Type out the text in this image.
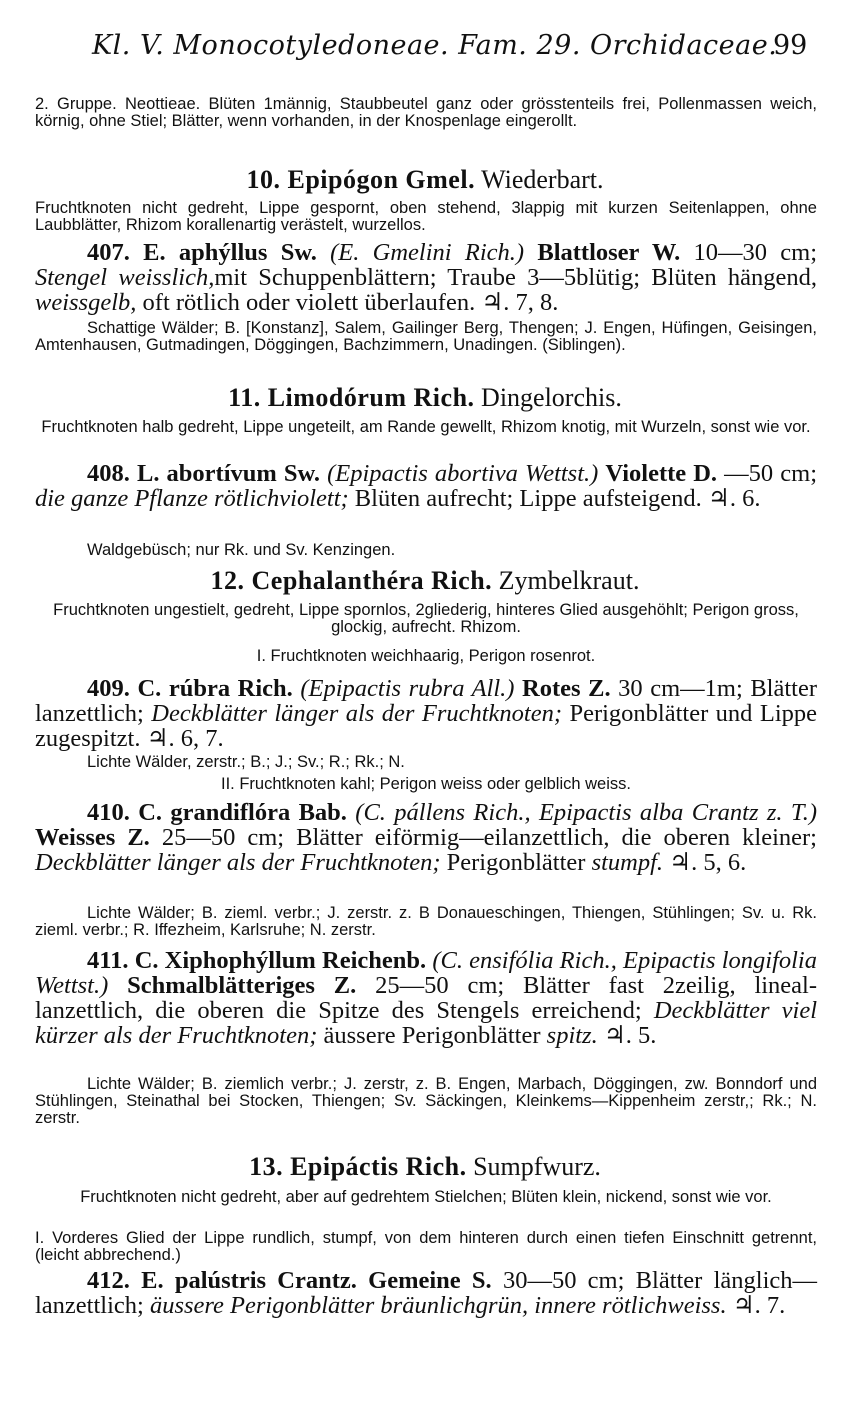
Kl. V. Monocotyledoneae. Fam. 29. Orchidaceae.
99

2. Gruppe. Neottieae. Blüten 1männig, Staubbeutel ganz oder grösstenteils frei, Pollenmassen weich, körnig, ohne Stiel; Blätter, wenn vorhanden, in der Knospenlage eingerollt.

10. Epipógon Gmel. Wiederbart.

Fruchtknoten nicht gedreht, Lippe gespornt, oben stehend, 3lappig mit kurzen Seitenlappen, ohne Laubblätter, Rhizom korallenartig verästelt, wurzellos.

407. E. aphýllus Sw. (E. Gmelini Rich.) Blattloser W. 10—30 cm; Stengel weisslich,mit Schuppenblättern; Traube 3—5blütig; Blüten hängend, weissgelb, oft rötlich oder violett überlaufen. ♃. 7, 8.

Schattige Wälder; B. [Konstanz], Salem, Gailinger Berg, Thengen; J. Engen, Hüfingen, Geisingen, Amtenhausen, Gutmadingen, Döggingen, Bachzimmern, Unadingen. (Siblingen).

11. Limodórum Rich. Dingelorchis.

Fruchtknoten halb gedreht, Lippe ungeteilt, am Rande gewellt, Rhizom knotig, mit Wurzeln, sonst wie vor.

408. L. abortívum Sw. (Epipactis abortiva Wettst.) Violette D. —50 cm; die ganze Pflanze rötlichviolett; Blüten aufrecht; Lippe aufsteigend. ♃. 6.

Waldgebüsch; nur Rk. und Sv. Kenzingen.

12. Cephalanthéra Rich. Zymbelkraut.

Fruchtknoten ungestielt, gedreht, Lippe spornlos, 2gliederig, hinteres Glied ausgehöhlt; Perigon gross, glockig, aufrecht. Rhizom.

I. Fruchtknoten weichhaarig, Perigon rosenrot.

409. C. rúbra Rich. (Epipactis rubra All.) Rotes Z. 30 cm—1m; Blätter lanzettlich; Deckblätter länger als der Fruchtknoten; Perigonblätter und Lippe zugespitzt. ♃. 6, 7.

Lichte Wälder, zerstr.; B.; J.; Sv.; R.; Rk.; N.

II. Fruchtknoten kahl; Perigon weiss oder gelblich weiss.

410. C. grandiflóra Bab. (C. pállens Rich., Epipactis alba Crantz z. T.) Weisses Z. 25—50 cm; Blätter eiförmig—eilanzettlich, die oberen kleiner; Deckblätter länger als der Fruchtknoten; Perigonblätter stumpf. ♃. 5, 6.

Lichte Wälder; B. zieml. verbr.; J. zerstr. z. B Donaueschingen, Thiengen, Stühlingen; Sv. u. Rk. zieml. verbr.; R. Iffezheim, Karlsruhe; N. zerstr.

411. C. Xiphophýllum Reichenb. (C. ensifólia Rich., Epipactis longifolia Wettst.) Schmalblätteriges Z. 25—50 cm; Blätter fast 2zeilig, lineal-lanzettlich, die oberen die Spitze des Stengels erreichend; Deckblätter viel kürzer als der Fruchtknoten; äussere Perigonblätter spitz. ♃. 5.

Lichte Wälder; B. ziemlich verbr.; J. zerstr, z. B. Engen, Marbach, Döggingen, zw. Bonndorf und Stühlingen, Steinathal bei Stocken, Thiengen; Sv. Säckingen, Kleinkems—Kippenheim zerstr,; Rk.; N. zerstr.

13. Epipáctis Rich. Sumpfwurz.

Fruchtknoten nicht gedreht, aber auf gedrehtem Stielchen; Blüten klein, nickend, sonst wie vor.

I. Vorderes Glied der Lippe rundlich, stumpf, von dem hinteren durch einen tiefen Einschnitt getrennt, (leicht abbrechend.)

412. E. palústris Crantz. Gemeine S. 30—50 cm; Blätter länglich—lanzettlich; äussere Perigonblätter bräunlichgrün, innere rötlichweiss. ♃. 7.
